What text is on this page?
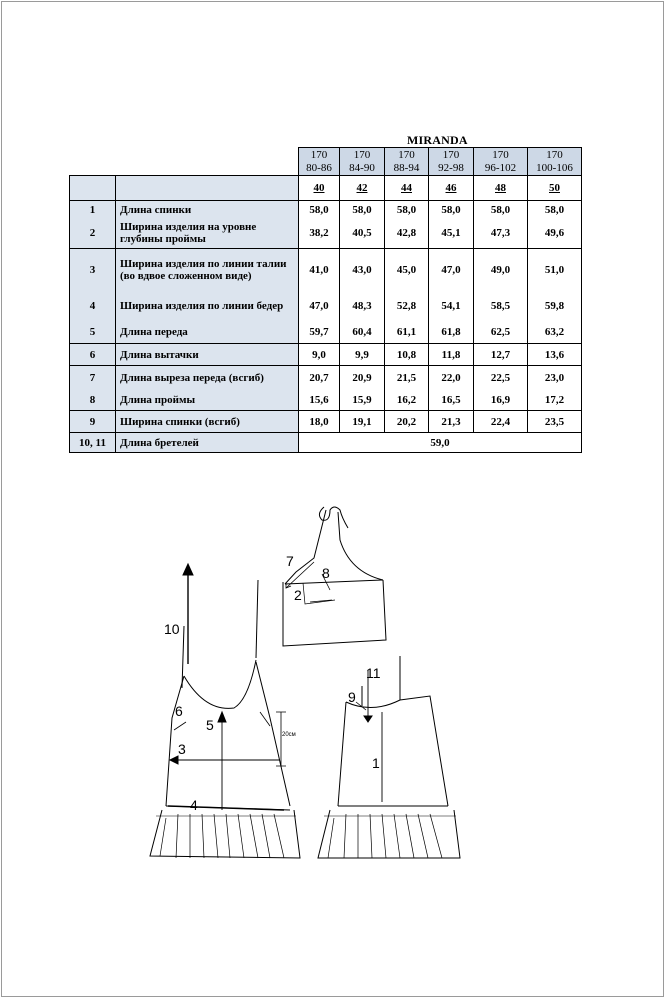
MIRANDA
		170	170	170	170	170	170
		80-86	84-90	88-94	92-98	96-102	100-106
		40	42	44	46	48	50
1	Длина спинки	58,0	58,0	58,0	58,0	58,0	58,0
2	Ширина изделия на уровне глубины проймы	38,2	40,5	42,8	45,1	47,3	49,6
3	Ширина изделия по линии талии (во вдвое сложенном виде)	41,0	43,0	45,0	47,0	49,0	51,0
4	Ширина изделия по линии бедер	47,0	48,3	52,8	54,1	58,5	59,8
5	Длина переда	59,7	60,4	61,1	61,8	62,5	63,2
6	Длина вытачки	9,0	9,9	10,8	11,8	12,7	13,6
7	Длина выреза переда (всгиб)	20,7	20,9	21,5	22,0	22,5	23,0
8	Длина проймы	15,6	15,9	16,2	16,5	16,9	17,2
9	Ширина спинки (всгиб)	18,0	19,1	20,2	21,3	22,4	23,5
10, 11	Длина бретелей	59,0					
10
6
5
3
4
7
8
2
11
9
1
20см
